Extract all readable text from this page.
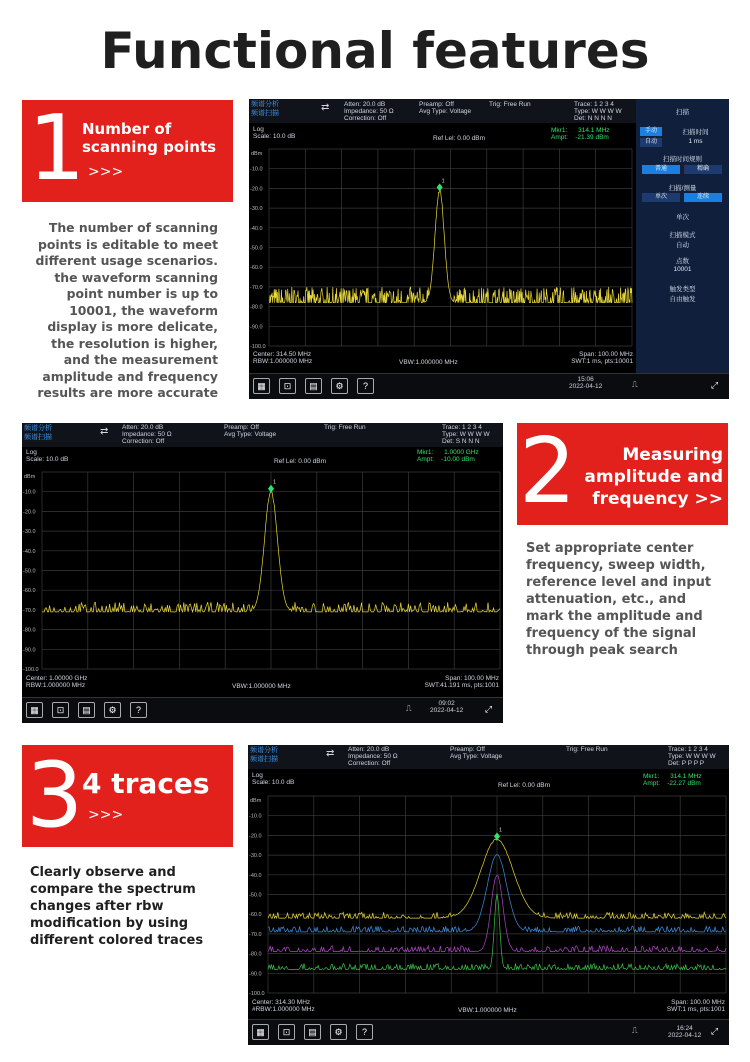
Functional features
1
Number of
scanning points
>>>
The number of scanning
points is editable to meet
different usage scenarios.
the waveform scanning
point number is up to
10001, the waveform
display is more delicate,
the resolution is higher,
and the measurement
amplitude and frequency
results are more accurate
频谱分析
频谱扫描
⇄ Atten: 20.0 dB
Impedance: 50 Ω
Correction: Off
Preamp: Off
Avg Type: Voltage
Trig: Free Run	Trace: 1 2 3 4
Type: W W W W
Det: N N N N
Log
Scale: 10.0 dB	Ref Lel: 0.00 dBm
Mkr1: 314.1 MHz
Ampt: -21.39 dBm
dBm
-10.0
-20.0
-30.0
-40.0
-50.0
-60.0
-70.0
-80.0
-90.0
-100.0
1
Center: 314.50 MHz
RBW:1.000000 MHz	VBW:1.000000 MHz
Span: 100.00 MHz
SWT:1 ms, pts:10001
扫描
手动
自动
扫描时间
1 ms
扫描时间规则
普通	精确
扫描/测量
单次	连续
单次
扫描模式
自动
点数
10001
触发类型
自由触发
15:06
2022-04-12
▦	⊡	▤	⚙	?	⎍	⤢
2	Measuring
amplitude and
frequency >>
Set appropriate center
frequency, sweep width,
reference level and input
attenuation, etc., and
mark the amplitude and
frequency of the signal
through peak search
频谱分析
频谱扫描
⇄ Atten: 20.0 dB
Impedance: 50 Ω
Correction: Off
Preamp: Off
Avg Type: Voltage
Trig: Free Run	Trace: 1 2 3 4
Type: W W W W
Det: S N N N
Log
Scale: 10.0 dB	Ref Lel: 0.00 dBm
Mkr1: 1.0000 GHz
Ampt: -10.00 dBm
dBm
-10.0
-20.0
-30.0
-40.0
-50.0
-60.0
-70.0
-80.0
-90.0
-100.0
1
Center: 1.00000 GHz
RBW:1.000000 MHz	VBW:1.000000 MHz
Span: 100.00 MHz
SWT:41.191 ms, pts:1001
09:02
2022-04-12
▦	⊡	▤	⚙	?	⎍	⤢
3
4 traces
>>>
Clearly observe and
compare the spectrum
changes after rbw
modification by using
different colored traces
频谱分析
频谱扫描
⇄ Atten: 20.0 dB
Impedance: 50 Ω
Correction: Off
Preamp: Off
Avg Type: Voltage
Trig: Free Run	Trace: 1 2 3 4
Type: W W W W
Det: P P P P
Log
Scale: 10.0 dB	Ref Lel: 0.00 dBm
Mkr1: 314.1 MHz
Ampt: -22.27 dBm
dBm
-10.0
-20.0
-30.0
-40.0
-50.0
-60.0
-70.0
-80.0
-90.0
-100.0
1
Center: 314.30 MHz
#RBW:1.000000 MHz	VBW:1.000000 MHz
Span: 100.00 MHz
SWT:1 ms, pts:1001
16:24
2022-04-12
▦	⊡	▤	⚙	?	⎍	⤢
